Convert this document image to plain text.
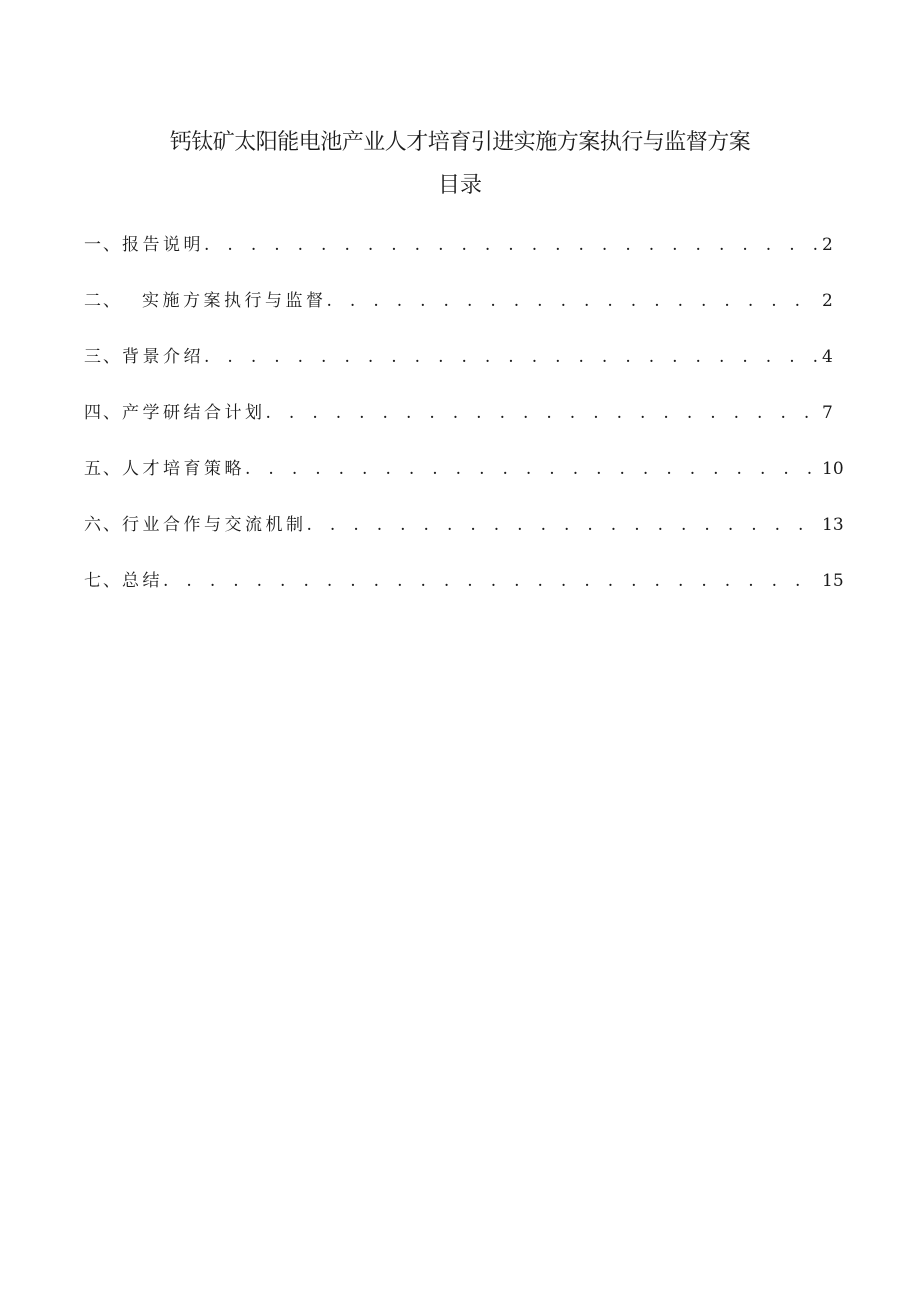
钙钛矿太阳能电池产业人才培育引进实施方案执行与监督方案
目录
一、 报告说明 . . .	2
二、	实施方案执行与监督 . . .	2
三、 背景介绍 . . .	4
四、 产学研结合计划 . . .	7
五、 人才培育策略 . . .	10
六、 行业合作与交流机制 . . .	13
七、 总结 . . .	15
